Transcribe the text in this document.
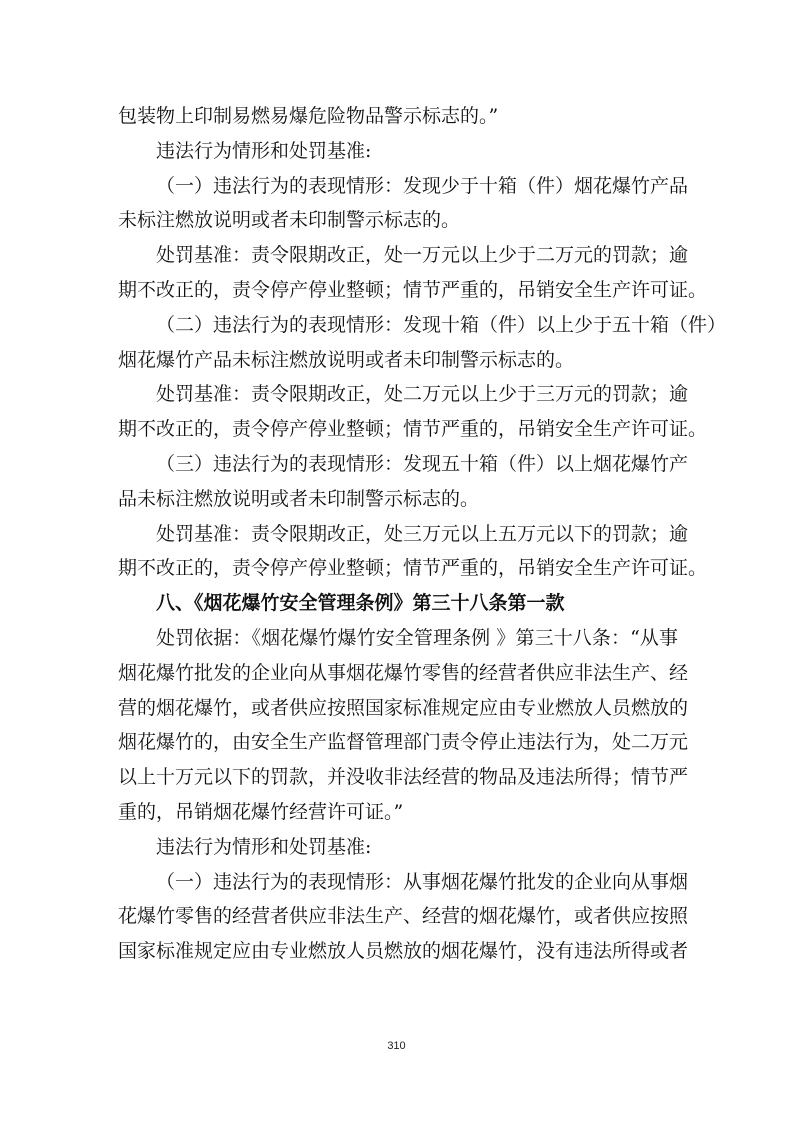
包装物上印制易燃易爆危险物品警示标志的。”
违法行为情形和处罚基准:
（一）违法行为的表现情形：发现少于十箱（件）烟花爆竹产品
未标注燃放说明或者未印制警示标志的。
处罚基准：责令限期改正，处一万元以上少于二万元的罚款；逾
期不改正的，责令停产停业整顿；情节严重的，吊销安全生产许可证。
（二）违法行为的表现情形：发现十箱（件）以上少于五十箱（件）
烟花爆竹产品未标注燃放说明或者未印制警示标志的。
处罚基准：责令限期改正，处二万元以上少于三万元的罚款；逾
期不改正的，责令停产停业整顿；情节严重的，吊销安全生产许可证。
（三）违法行为的表现情形：发现五十箱（件）以上烟花爆竹产
品未标注燃放说明或者未印制警示标志的。
处罚基准：责令限期改正，处三万元以上五万元以下的罚款；逾
期不改正的，责令停产停业整顿；情节严重的，吊销安全生产许可证。
八、《烟花爆竹安全管理条例》第三十八条第一款
处罚依据：《烟花爆竹爆竹安全管理条例 》第三十八条：“从事
烟花爆竹批发的企业向从事烟花爆竹零售的经营者供应非法生产、经
营的烟花爆竹，或者供应按照国家标准规定应由专业燃放人员燃放的
烟花爆竹的，由安全生产监督管理部门责令停止违法行为，处二万元
以上十万元以下的罚款，并没收非法经营的物品及违法所得；情节严
重的，吊销烟花爆竹经营许可证。”
违法行为情形和处罚基准:
（一）违法行为的表现情形：从事烟花爆竹批发的企业向从事烟
花爆竹零售的经营者供应非法生产、经营的烟花爆竹，或者供应按照
国家标准规定应由专业燃放人员燃放的烟花爆竹，没有违法所得或者
310
